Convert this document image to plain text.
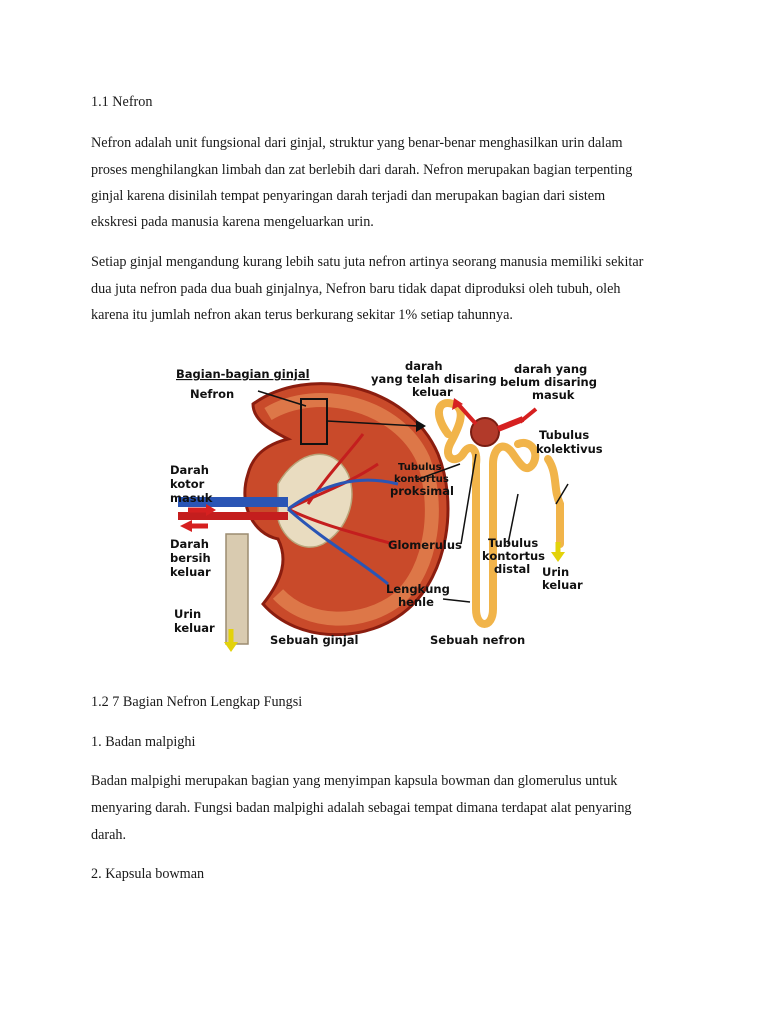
1.1 Nefron
Nefron adalah unit fungsional dari ginjal, struktur yang benar-benar menghasilkan urin dalam
proses menghilangkan limbah dan zat berlebih dari darah. Nefron merupakan bagian terpenting
ginjal karena disinilah tempat penyaringan darah terjadi dan merupakan bagian dari sistem
ekskresi pada manusia karena mengeluarkan urin.
Setiap ginjal mengandung kurang lebih satu juta nefron artinya seorang manusia memiliki sekitar
dua juta nefron pada dua buah ginjalnya, Nefron baru tidak dapat diproduksi oleh tubuh, oleh
karena itu jumlah nefron akan terus berkurang sekitar 1% setiap tahunnya.
Bagian-bagian ginjal
Nefron
Darah
kotor
masuk
Darah
bersih
keluar
Urin
keluar
Sebuah ginjal
darah
yang telah disaring
keluar
darah yang
belum disaring
masuk
Tubulus
kolektivus
Tubulus
kontortus
proksimal
Glomerulus Tubulus
kontortus
distal Urin
keluar
Lengkung
henle
Sebuah nefron
1.2 7 Bagian Nefron Lengkap Fungsi
1. Badan malpighi
Badan malpighi merupakan bagian yang menyimpan kapsula bowman dan glomerulus untuk
menyaring darah. Fungsi badan malpighi adalah sebagai tempat dimana terdapat alat penyaring
darah.
2. Kapsula bowman
